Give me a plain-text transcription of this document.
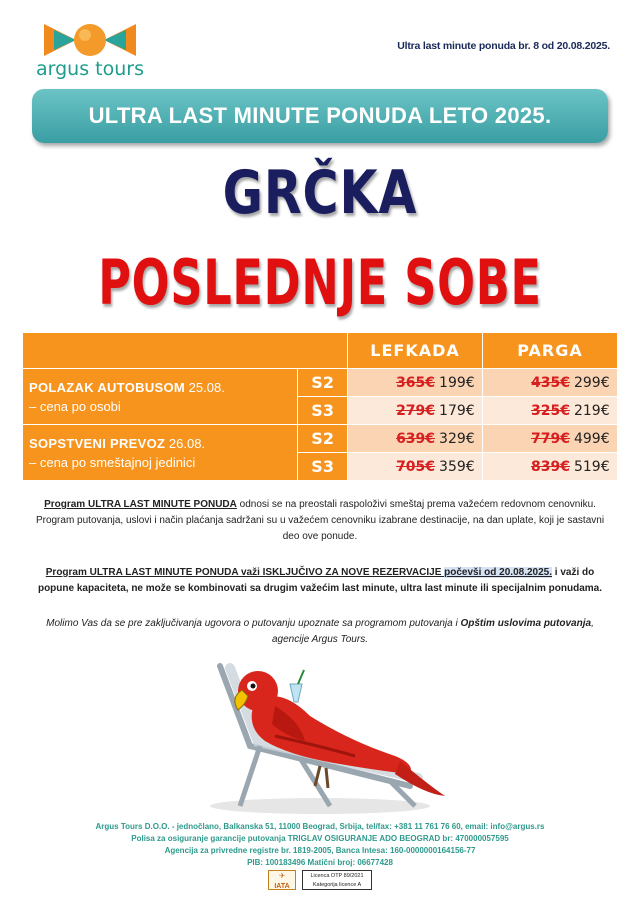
argus tours
Ultra last minute ponuda br. 8 od 20.08.2025.
ULTRA LAST MINUTE PONUDA LETO 2025.
GRČKA
POSLEDNJE SOBE
		LEFKADA	PARGA
POLAZAK AUTOBUSOM 25.08.
– cena po osobi	S2	365€ 199€	435€ 299€
	S3	279€ 179€	325€ 219€
SOPSTVENI PREVOZ 26.08.
– cena po smeštajnoj jedinici	S2	639€ 329€	779€ 499€
	S3	705€ 359€	839€ 519€
Program ULTRA LAST MINUTE PONUDA odnosi se na preostali raspoloživi smeštaj prema važećem redovnom cenovniku.
Program putovanja, uslovi i način plaćanja sadržani su u važećem cenovniku izabrane destinacije, na dan uplate, koji je sastavni deo ove ponude.
Program ULTRA LAST MINUTE PONUDA važi ISKLJUČIVO ZA NOVE REZERVACIJE počevši od 20.08.2025. i važi do popune kapaciteta, ne može se kombinovati sa drugim važećim last minute, ultra last minute ili specijalnim ponudama.
Molimo Vas da se pre zaključivanja ugovora o putovanju upoznate sa programom putovanja i Opštim uslovima putovanja, agencije Argus Tours.
Argus Tours D.O.O. - jednočlano, Balkanska 51, 11000 Beograd, Srbija, tel/fax: +381 11 761 76 60, email: info@argus.rs
Polisa za osiguranje garancije putovanja TRIGLAV OSIGURANJE ADO BEOGRAD br: 470000057595
Agencija za privredne registre br. 1819-2005, Banca Intesa: 160-0000000164156-77
PIB: 100183496 Matični broj: 06677428
✈
IATA
Licenca OTP 89/2021
Kategorija licence A
